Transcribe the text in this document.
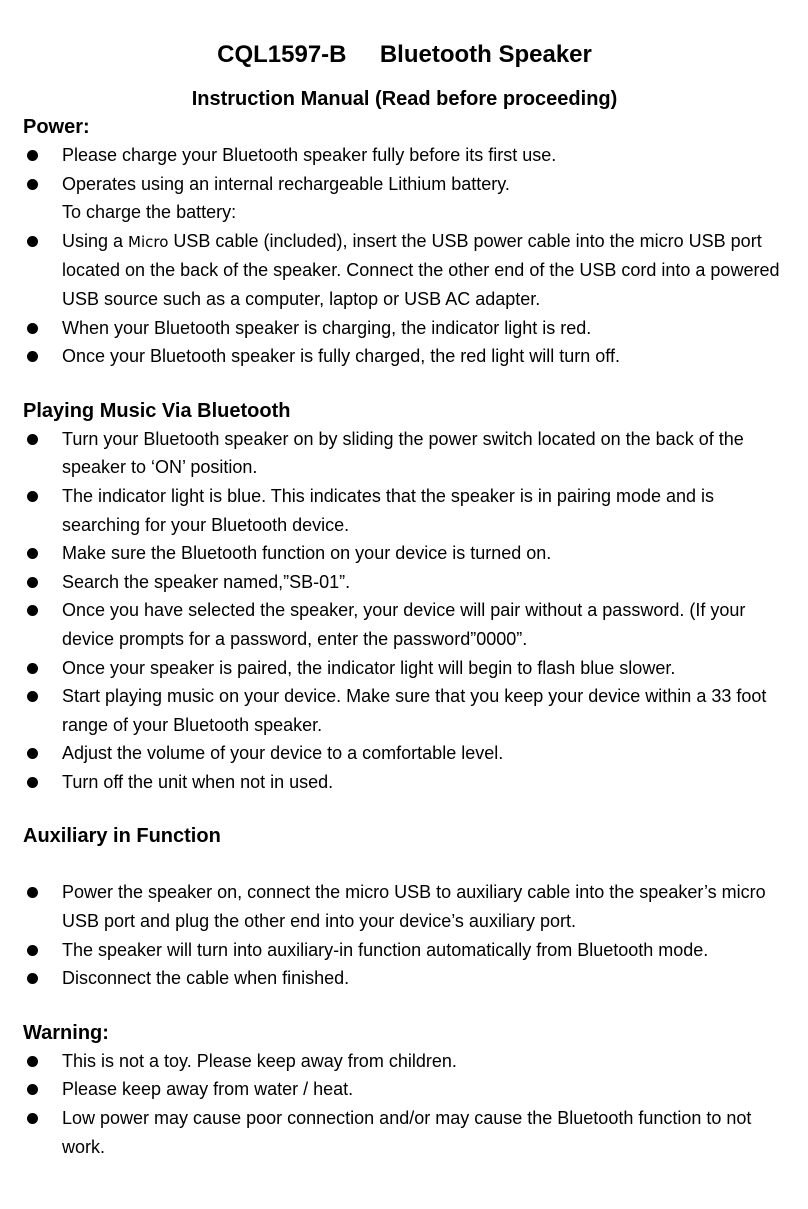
CQL1597-B     Bluetooth Speaker
Instruction Manual (Read before proceeding)
Power:
Please charge your Bluetooth speaker fully before its first use.
Operates using an internal rechargeable Lithium battery.
To charge the battery:
Using a Micro USB cable (included), insert the USB power cable into the micro USB port located on the back of the speaker. Connect the other end of the USB cord into a powered USB source such as a computer, laptop or USB AC adapter.
When your Bluetooth speaker is charging, the indicator light is red.
Once your Bluetooth speaker is fully charged, the red light will turn off.
Playing Music Via Bluetooth
Turn your Bluetooth speaker on by sliding the power switch located on the back of the speaker to ‘ON’ position.
The indicator light is blue. This indicates that the speaker is in pairing mode and is searching for your Bluetooth device.
Make sure the Bluetooth function on your device is turned on.
Search the speaker named,”SB-01”.
Once you have selected the speaker, your device will pair without a password. (If your device prompts for a password, enter the password”0000”.
Once your speaker is paired, the indicator light will begin to flash blue slower.
Start playing music on your device. Make sure that you keep your device within a 33 foot range of your Bluetooth speaker.
Adjust the volume of your device to a comfortable level.
Turn off the unit when not in used.
Auxiliary in Function
Power the speaker on, connect the micro USB to auxiliary cable into the speaker’s micro USB port and plug the other end into your device’s auxiliary port.
The speaker will turn into auxiliary-in function automatically from Bluetooth mode.
Disconnect the cable when finished.
Warning:
This is not a toy. Please keep away from children.
Please keep away from water / heat.
Low power may cause poor connection and/or may cause the Bluetooth function to not work.
